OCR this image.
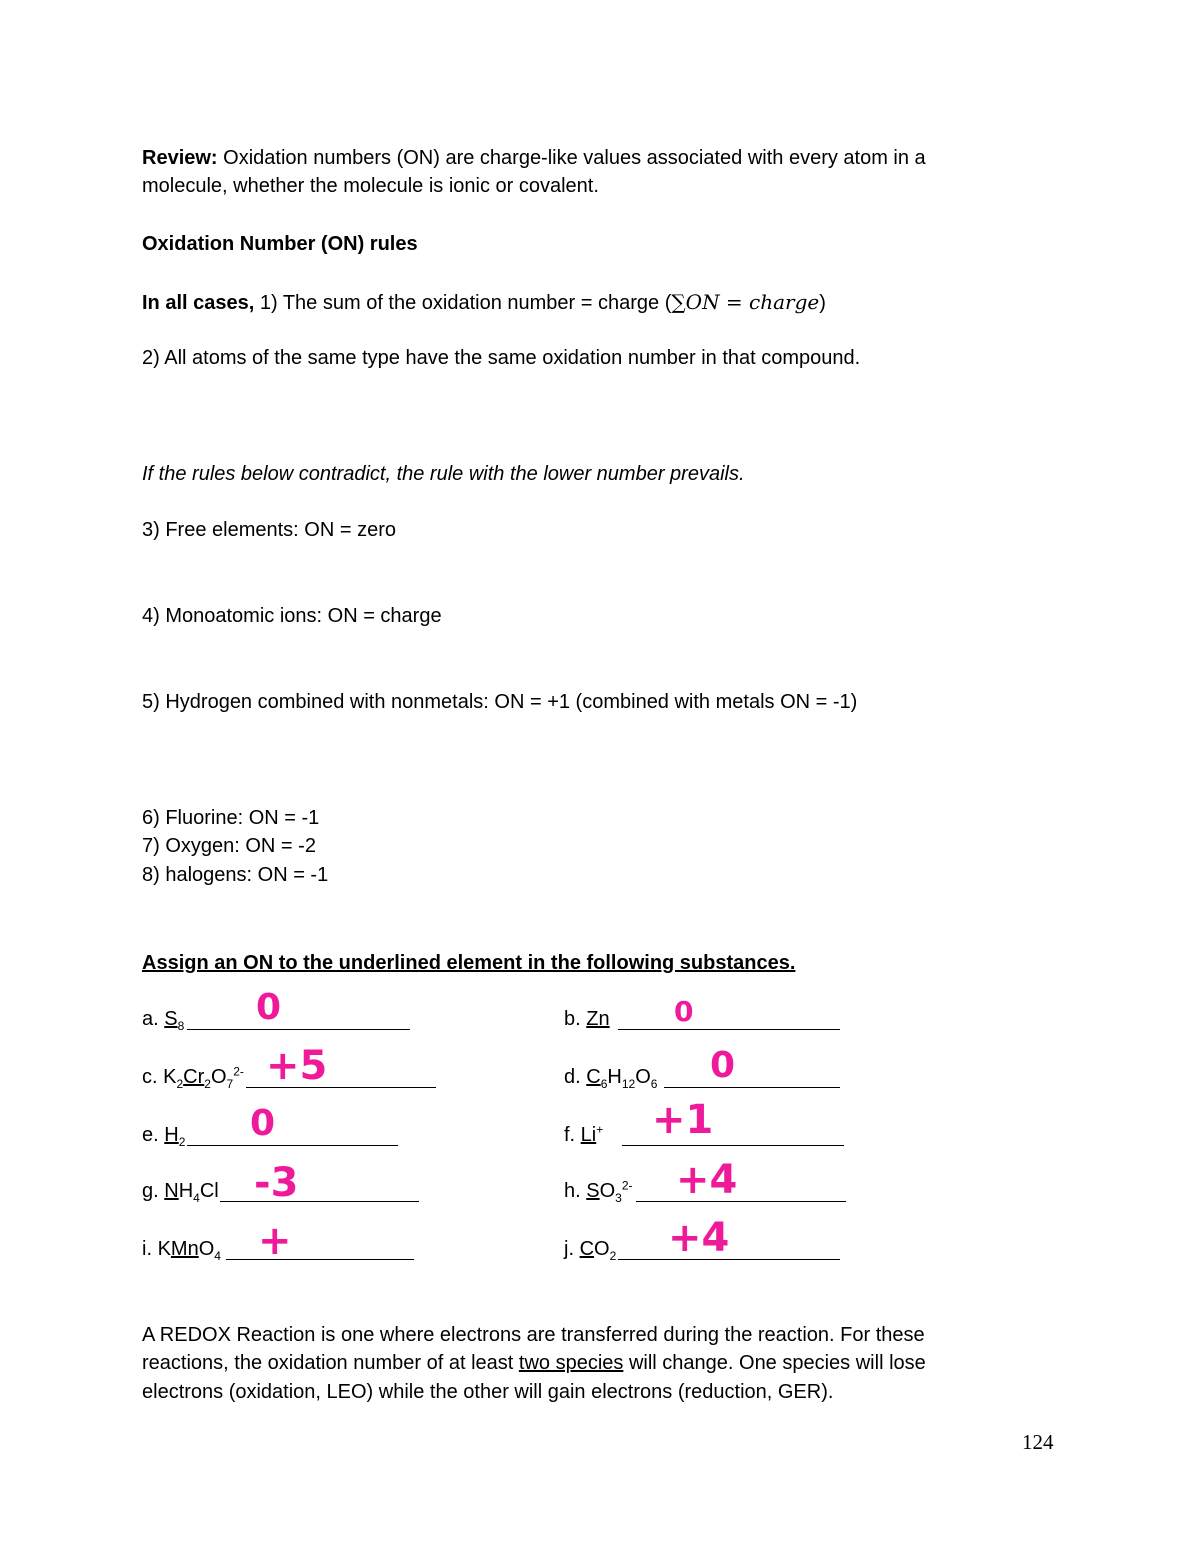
Review: Oxidation numbers (ON) are charge-like values associated with every atom in a
molecule, whether the molecule is ionic or covalent.
Oxidation Number (ON) rules
In all cases, 1) The sum of the oxidation number = charge (∑ON = charge)
2) All atoms of the same type have the same oxidation number in that compound.
If the rules below contradict, the rule with the lower number prevails.
3) Free elements: ON = zero
4) Monoatomic ions: ON = charge
5) Hydrogen combined with nonmetals: ON = +1 (combined with metals ON = -1)
6) Fluorine: ON = -1
7) Oxygen: ON = -2
8) halogens: ON = -1
Assign an ON to the underlined element in the following substances.
a. $S_8$ 0
c. $K_2Cr_2O_7^{2-} +5$
e. $H_2$ 0
g. $NH_4Cl$ -3
i. KMnO$_4$ +
b. Zn 0
d. $C_6H_{12}O_6$ 0
f. Li+ +1
h. $SO_3^{2-} +4$
j. $CO_2 +4$
A REDOX Reaction is one where electrons are transferred during the reaction. For these
reactions, the oxidation number of at least two species will change. One species will lose
electrons (oxidation, LEO) while the other will gain electrons (reduction, GER).
124
